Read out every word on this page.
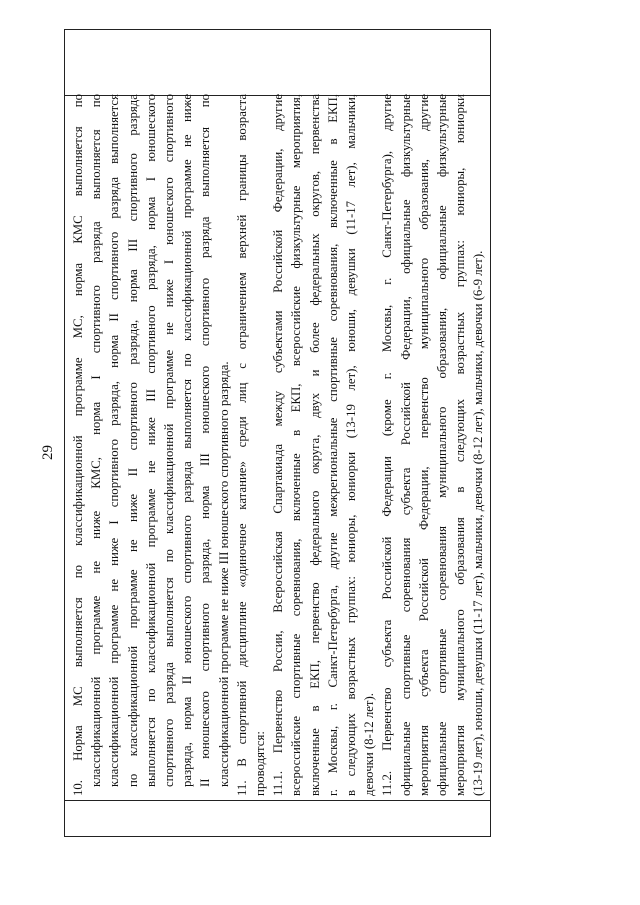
29 10. Норма МС выполняется по классификационной программе МС, норма КМС выполняется по классификационной программе не ниже КМС, норма I спортивного разряда выполняется по классификационной программе не ниже I спортивного разряда, норма II спортивного разряда выполняется по классификационной программе не ниже II спортивного разряда, норма III спортивного разряда выполняется по классификационной программе не ниже III спортивного разряда, норма I юношеского спортивного разряда выполняется по классификационной программе не ниже I юношеского спортивного разряда, норма II юношеского спортивного разряда выполняется по классификационной программе не ниже II юношеского спортивного разряда, норма III юношеского спортивного разряда выполняется по классификационной программе не ниже III юношеского спортивного разряда. 11. В спортивной дисциплине «одиночное катание» среди лиц с ограничением верхней границы возраста проводятся: 11.1. Первенство России, Всероссийская Спартакиада между субъектами Российской Федерации, другие всероссийские спортивные соревнования, включенные в ЕКП, всероссийские физкультурные мероприятия, включенные в ЕКП, первенство федерального округа, двух и более федеральных округов, первенства г. Москвы, г. Санкт-Петербурга, другие межрегиональные спортивные соревнования, включенные в ЕКП, в следующих возрастных группах: юниоры, юниорки (13-19 лет), юноши, девушки (11-17 лет), мальчики, девочки (8-12 лет). 11.2. Первенство субъекта Российской Федерации (кроме г. Москвы, г. Санкт-Петербурга), другие официальные спортивные соревнования субъекта Российской Федерации, официальные физкультурные мероприятия субъекта Российской Федерации, первенство муниципального образования, другие официальные спортивные соревнования муниципального образования, официальные физкультурные мероприятия муниципального образования в следующих возрастных группах: юниоры, юниорки (13-19 лет), юноши, девушки (11-17 лет), мальчики, девочки (8-12 лет), мальчики, девочки (6-9 лет).
